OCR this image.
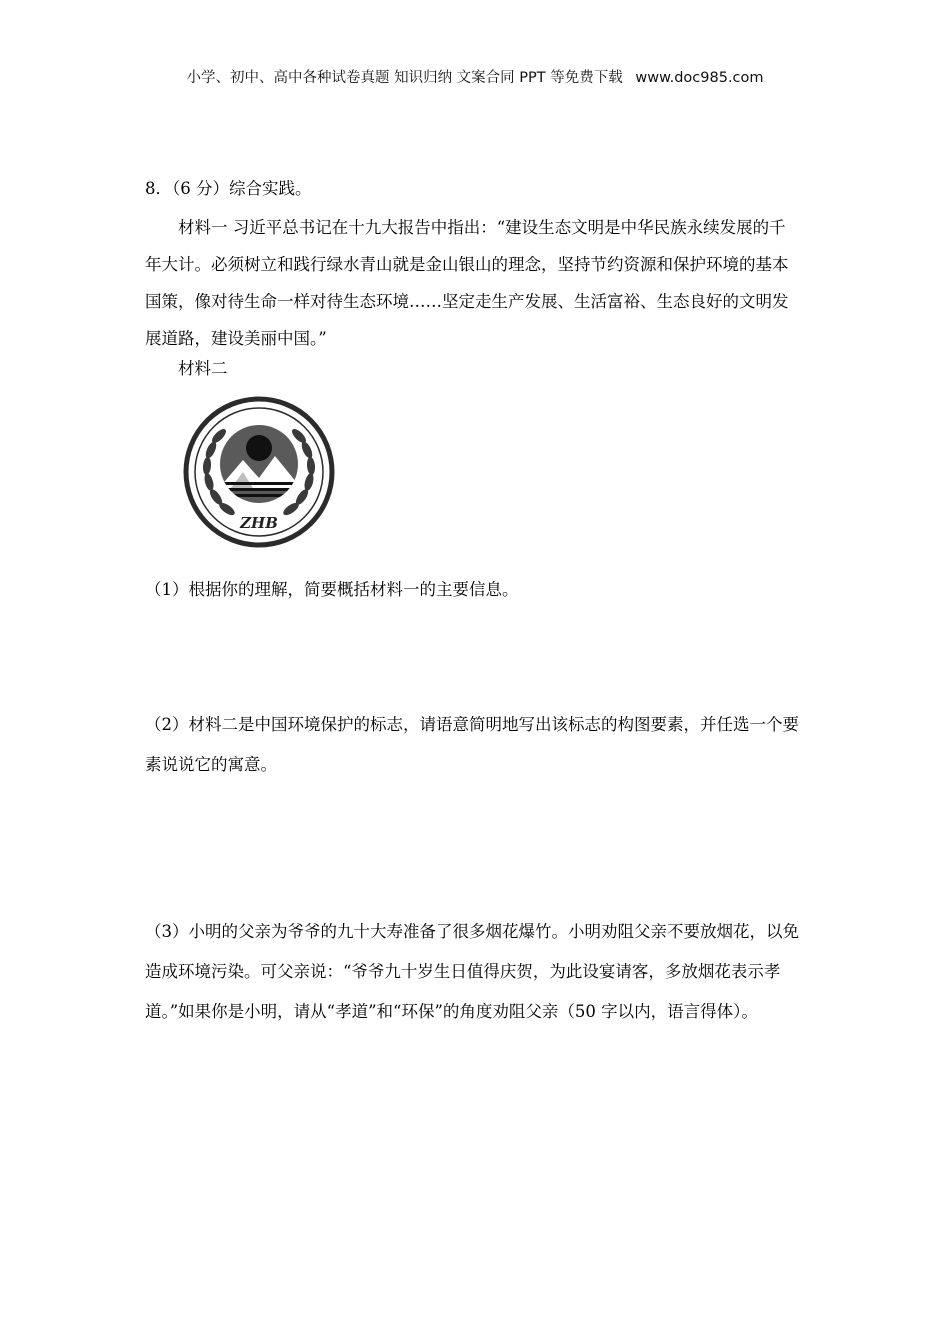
小学、初中、高中各种试卷真题 知识归纳 文案合同 PPT 等免费下载 www.doc985.com
8．（6 分）综合实践。
材料一 习近平总书记在十九大报告中指出：“建设生态文明是中华民族永续发展的千
年大计。必须树立和践行绿水青山就是金山银山的理念，坚持节约资源和保护环境的基本
国策，像对待生命一样对待生态环境……坚定走生产发展、生活富裕、生态良好的文明发
展道路，建设美丽中国。”
材料二
ZHB
（1）根据你的理解，简要概括材料一的主要信息。
（2）材料二是中国环境保护的标志，请语意简明地写出该标志的构图要素，并任选一个要
素说说它的寓意。
（3）小明的父亲为爷爷的九十大寿准备了很多烟花爆竹。小明劝阻父亲不要放烟花，以免
造成环境污染。可父亲说：“爷爷九十岁生日值得庆贺，为此设宴请客，多放烟花表示孝
道。”如果你是小明，请从“孝道”和“环保”的角度劝阻父亲（50 字以内，语言得体）。
